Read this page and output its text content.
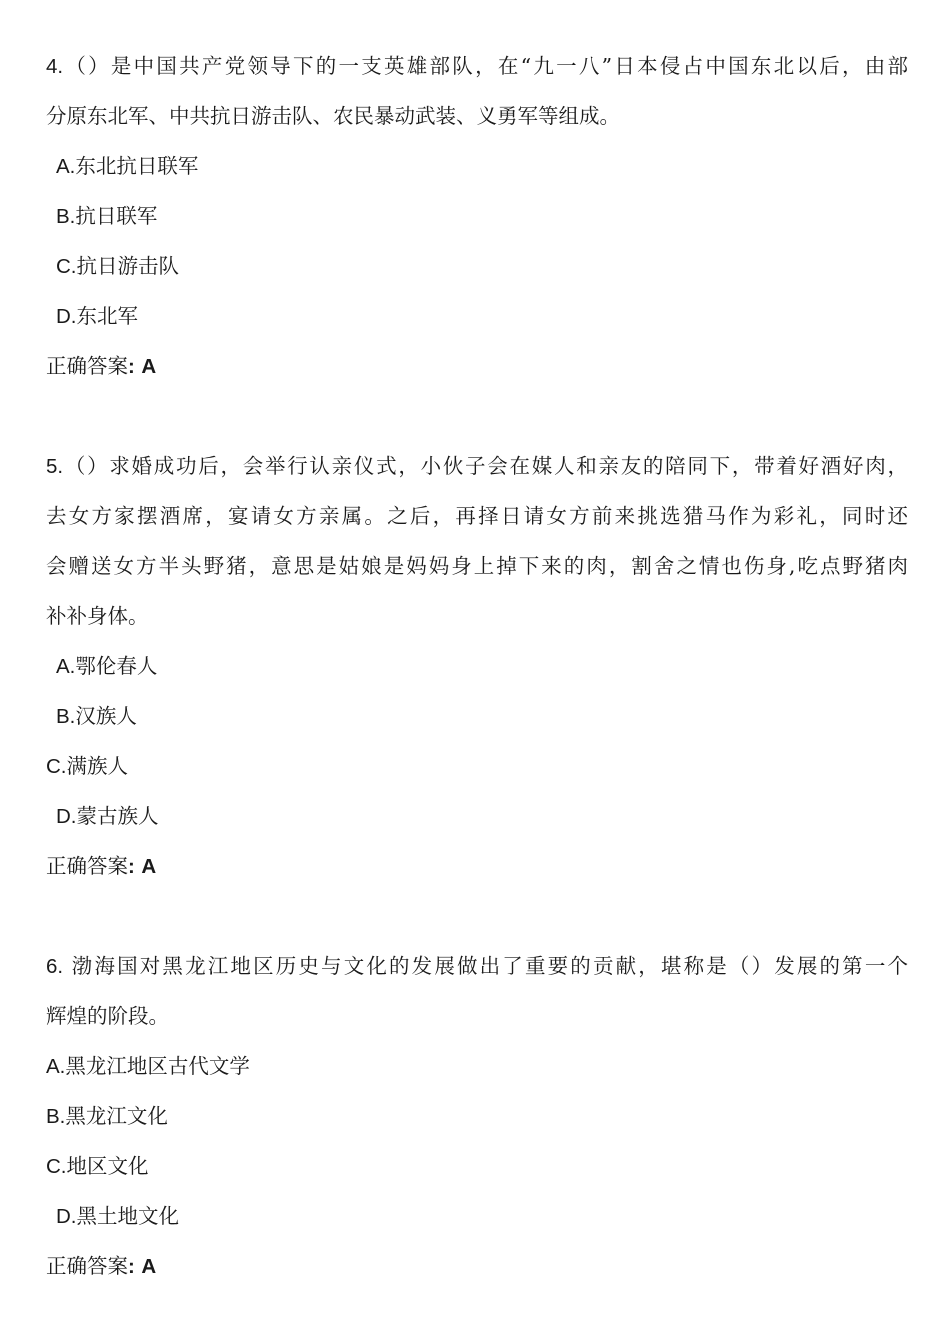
4.（）是中国共产党领导下的一支英雄部队，在“九一八”日本侵占中国东北以后，由部
分原东北军、中共抗日游击队、农民暴动武装、义勇军等组成。
A.东北抗日联军
B.抗日联军
C.抗日游击队
D.东北军
正确答案: A
5.（）求婚成功后，会举行认亲仪式，小伙子会在媒人和亲友的陪同下，带着好酒好肉，
去女方家摆酒席，宴请女方亲属。之后，再择日请女方前来挑选猎马作为彩礼，同时还
会赠送女方半头野猪，意思是姑娘是妈妈身上掉下来的肉，割舍之情也伤身,吃点野猪肉
补补身体。
A.鄂伦春人
B.汉族人
C.满族人
D.蒙古族人
正确答案: A
6. 渤海国对黑龙江地区历史与文化的发展做出了重要的贡献，堪称是（）发展的第一个
辉煌的阶段。
A.黑龙江地区古代文学
B.黑龙江文化
C.地区文化
D.黑土地文化
正确答案: A
